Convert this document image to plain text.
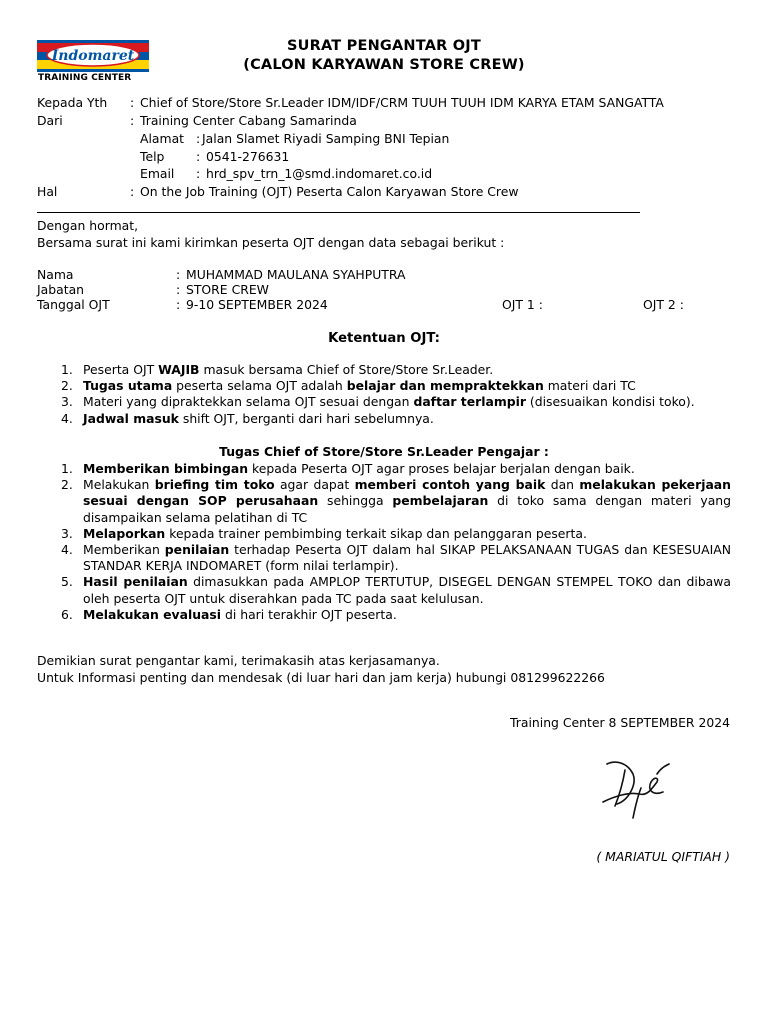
Indomaret
TRAINING CENTER
SURAT PENGANTAR OJT
(CALON KARYAWAN STORE CREW)
Kepada Yth : Chief of Store/Store Sr.Leader IDM/IDF/CRM TUUH TUUH IDM KARYA ETAM SANGATTA
Dari	: Training Center Cabang Samarinda
Alamat : Jalan Slamet Riyadi Samping BNI Tepian
Telp	: 0541-276631
Email : hrd_spv_trn_1@smd.indomaret.co.id
Hal	: On the Job Training (OJT) Peserta Calon Karyawan Store Crew
Dengan hormat,
Bersama surat ini kami kirimkan peserta OJT dengan data sebagai berikut :
Nama	: MUHAMMAD MAULANA SYAHPUTRA
Jabatan	: STORE CREW
Tanggal OJT	: 9-10 SEPTEMBER 2024	OJT 1 :	OJT 2 :
Ketentuan OJT:
1. Peserta OJT WAJIB masuk bersama Chief of Store/Store Sr.Leader.
2. Tugas utama peserta selama OJT adalah belajar dan mempraktekkan materi dari TC
3. Materi yang dipraktekkan selama OJT sesuai dengan daftar terlampir (disesuaikan kondisi toko).
4. Jadwal masuk shift OJT, berganti dari hari sebelumnya.
Tugas Chief of Store/Store Sr.Leader Pengajar :
1. Memberikan bimbingan kepada Peserta OJT agar proses belajar berjalan dengan baik.
2. Melakukan briefing tim toko agar dapat memberi contoh yang baik dan melakukan pekerjaan sesuai dengan SOP perusahaan sehingga pembelajaran di toko sama dengan materi yang disampaikan selama pelatihan di TC
3. Melaporkan kepada trainer pembimbing terkait sikap dan pelanggaran peserta.
4. Memberikan penilaian terhadap Peserta OJT dalam hal SIKAP PELAKSANAAN TUGAS dan KESESUAIAN STANDAR KERJA INDOMARET (form nilai terlampir).
5. Hasil penilaian dimasukkan pada AMPLOP TERTUTUP, DISEGEL DENGAN STEMPEL TOKO dan dibawa oleh peserta OJT untuk diserahkan pada TC pada saat kelulusan.
6. Melakukan evaluasi di hari terakhir OJT peserta.
Demikian surat pengantar kami, terimakasih atas kerjasamanya.
Untuk Informasi penting dan mendesak (di luar hari dan jam kerja) hubungi 081299622266
Training Center 8 SEPTEMBER 2024
( MARIATUL QIFTIAH )
